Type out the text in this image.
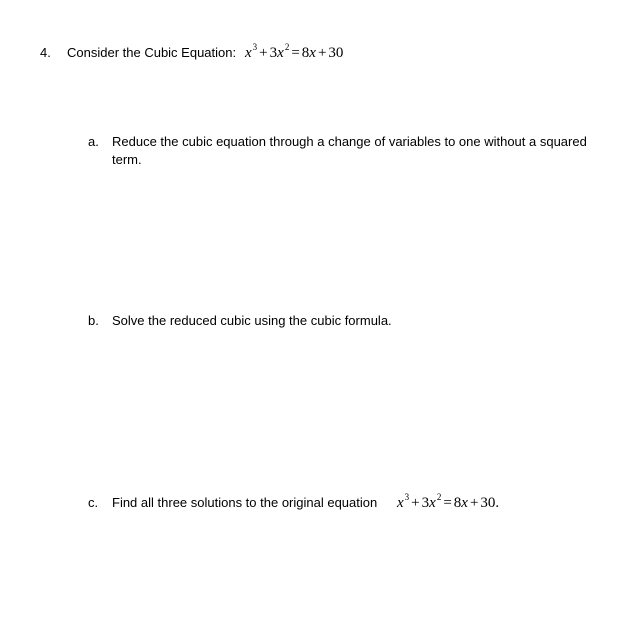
4. Consider the Cubic Equation: $x^3 + 3x^2 = 8x + 30$
a. Reduce the cubic equation through a change of variables to one without a squared term.
b. Solve the reduced cubic using the cubic formula.
c. Find all three solutions to the original equation $x^3 + 3x^2 = 8x + 30$.
